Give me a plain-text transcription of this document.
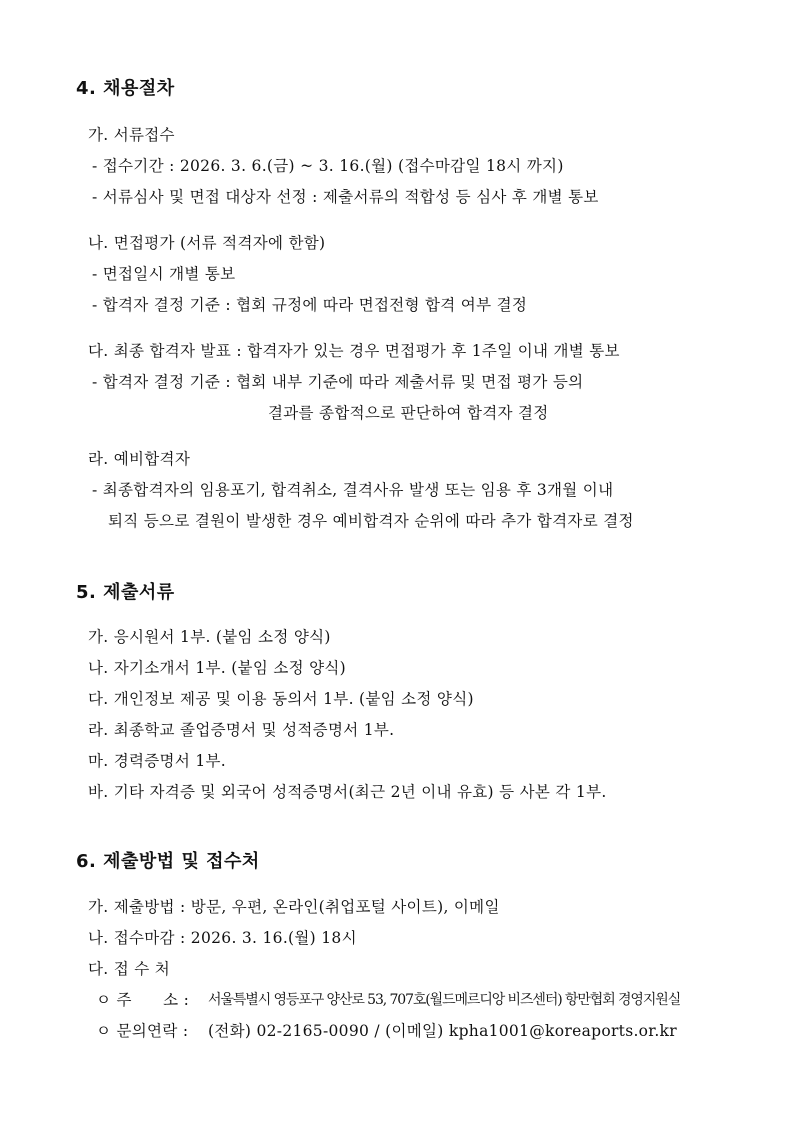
4. 채용절차
가. 서류접수
- 접수기간 : 2026. 3. 6.(금) ~ 3. 16.(월) (접수마감일 18시 까지)
- 서류심사 및 면접 대상자 선정 : 제출서류의 적합성 등 심사 후 개별 통보
나. 면접평가 (서류 적격자에 한함)
- 면접일시 개별 통보
- 합격자 결정 기준 : 협회 규정에 따라 면접전형 합격 여부 결정
다. 최종 합격자 발표 : 합격자가 있는 경우 면접평가 후 1주일 이내 개별 통보
- 합격자 결정 기준 : 협회 내부 기준에 따라 제출서류 및 면접 평가 등의
결과를 종합적으로 판단하여 합격자 결정
라. 예비합격자
- 최종합격자의 임용포기, 합격취소, 결격사유 발생 또는 임용 후 3개월 이내
퇴직 등으로 결원이 발생한 경우 예비합격자 순위에 따라 추가 합격자로 결정
5. 제출서류
가. 응시원서 1부. (붙임 소정 양식)
나. 자기소개서 1부. (붙임 소정 양식)
다. 개인정보 제공 및 이용 동의서 1부. (붙임 소정 양식)
라. 최종학교 졸업증명서 및 성적증명서 1부.
마. 경력증명서 1부.
바. 기타 자격증 및 외국어 성적증명서(최근 2년 이내 유효) 등 사본 각 1부.
6. 제출방법 및 접수처
가. 제출방법 : 방문, 우편, 온라인(취업포털 사이트), 이메일
나. 접수마감 : 2026. 3. 16.(월) 18시
다. 접 수 처
ㅇ 주      소 : 서울특별시 영등포구 양산로 53, 707호(월드메르디앙 비즈센터) 항만협회 경영지원실
ㅇ 문의연락 : (전화) 02-2165-0090 / (이메일) kpha1001@koreaports.or.kr
